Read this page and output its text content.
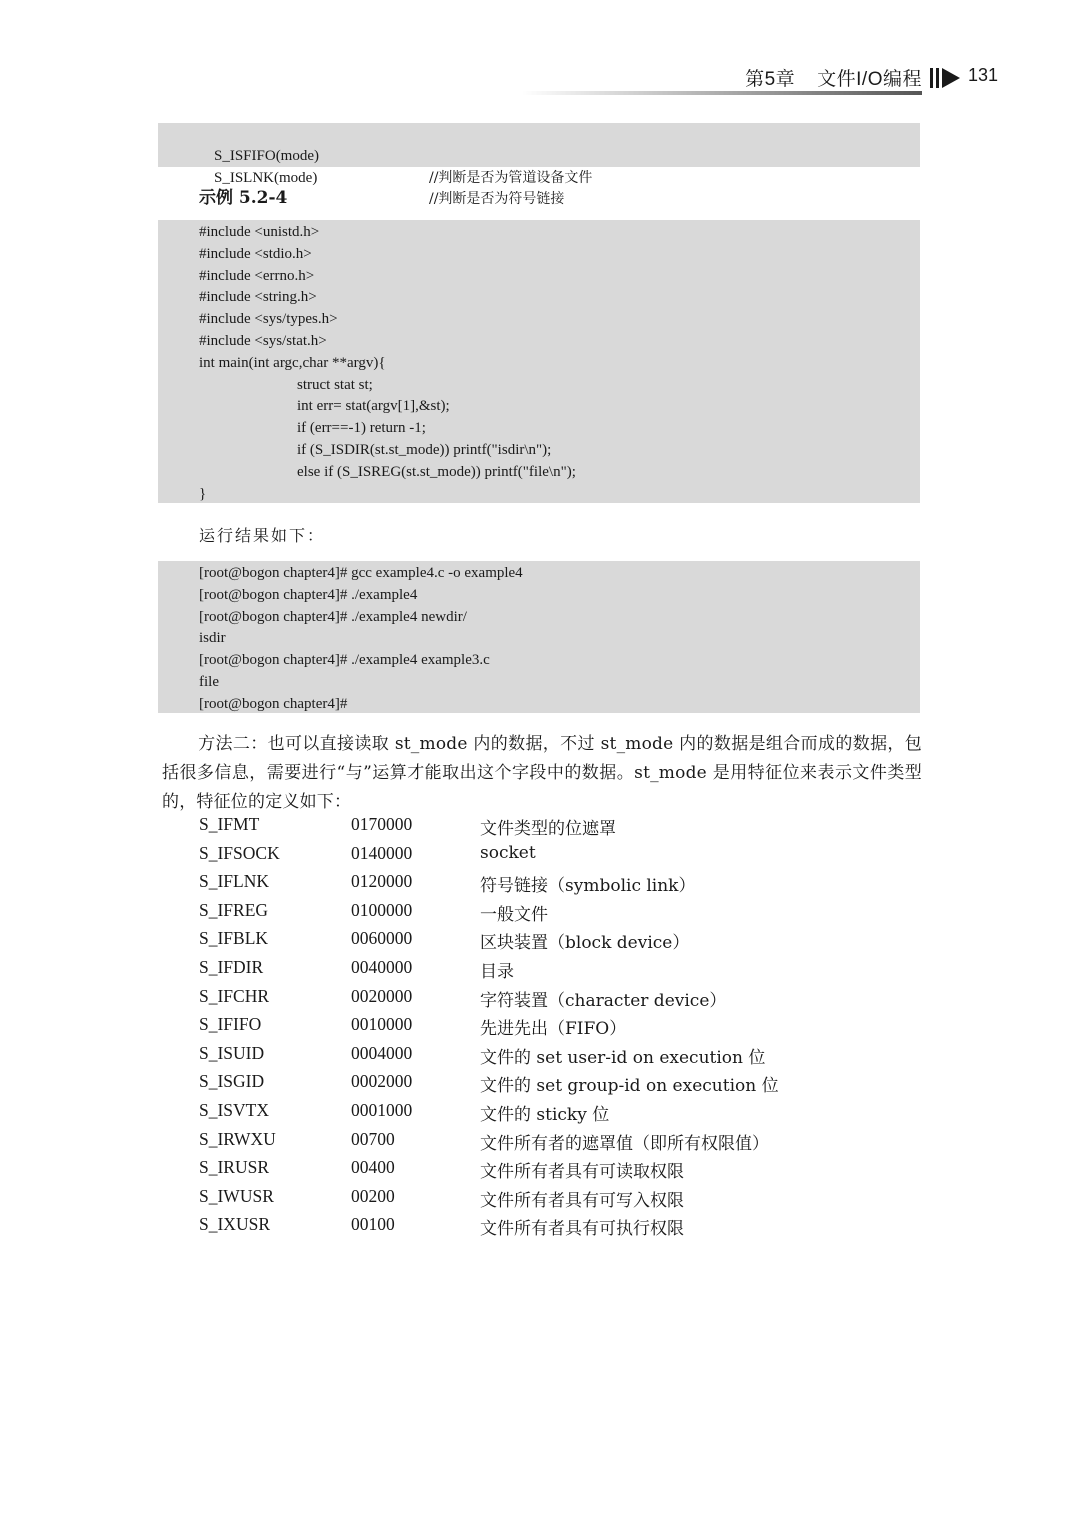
第5章 文件I/O编程	131

S_ISFIFO(mode)

//判断是否为管道设备文件

S_ISLNK(mode)

//判断是否为符号链接

示例 5.2-4
#include <unistd.h>
#include <stdio.h>
#include <errno.h>
#include <string.h>
#include <sys/types.h>
#include <sys/stat.h>
int main(int argc,char **argv){
struct stat st;
int err= stat(argv[1],&st);
if (err==-1) return -1;
if (S_ISDIR(st.st_mode)) printf("isdir\n");
else if (S_ISREG(st.st_mode)) printf("file\n");
}
运行结果如下：
[root@bogon chapter4]# gcc example4.c -o example4
[root@bogon chapter4]# ./example4
[root@bogon chapter4]# ./example4 newdir/
isdir
[root@bogon chapter4]# ./example4 example3.c
file
[root@bogon chapter4]#
方法二：也可以直接读取 st_mode 内的数据，不过 st_mode 内的数据是组合而成的数据，包括很多信息，需要进行“与”运算才能取出这个字段中的数据。st_mode 是用特征位来表示文件类型的，特征位的定义如下：
S_IFMT	0170000	文件类型的位遮罩
S_IFSOCK	0140000	socket
S_IFLNK	0120000	符号链接（symbolic link）
S_IFREG	0100000	一般文件
S_IFBLK	0060000	区块装置（block device）
S_IFDIR	0040000	目录
S_IFCHR	0020000	字符装置（character device）
S_IFIFO	0010000	先进先出（FIFO）
S_ISUID	0004000	文件的 set user-id on execution 位
S_ISGID	0002000	文件的 set group-id on execution 位
S_ISVTX	0001000	文件的 sticky 位
S_IRWXU	00700	文件所有者的遮罩值（即所有权限值）
S_IRUSR	00400	文件所有者具有可读取权限
S_IWUSR	00200	文件所有者具有可写入权限
S_IXUSR	00100	文件所有者具有可执行权限
